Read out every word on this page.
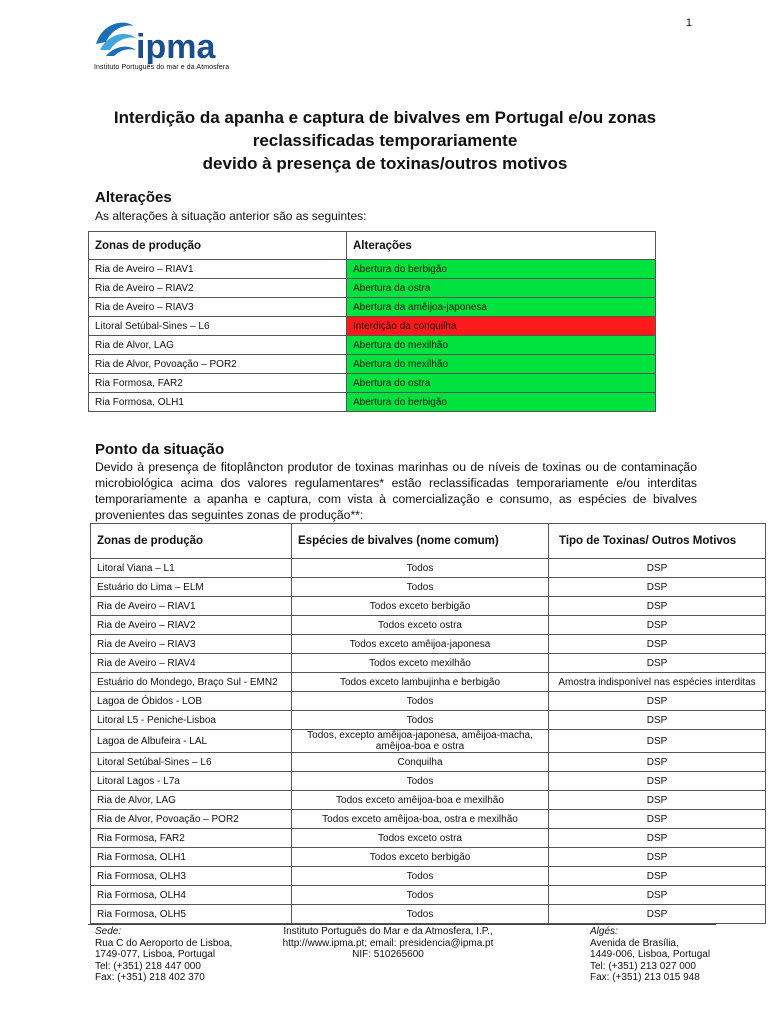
1
ipma
Instituto Português do mar e da Atmosfera
Interdição da apanha e captura de bivalves em Portugal e/ou zonas
reclassificadas temporariamente
devido à presença de toxinas/outros motivos
Alterações
As alterações à situação anterior são as seguintes:
Zonas de produção	Alterações
Ria de Aveiro – RIAV1	Abertura do berbigão
Ria de Aveiro – RIAV2	Abertura da ostra
Ria de Aveiro – RIAV3	Abertura da amêijoa-japonesa
Litoral Setúbal-Sines – L6	Interdição da conquilha
Ria de Alvor, LAG	Abertura do mexilhão
Ria de Alvor, Povoação – POR2	Abertura do mexilhão
Ria Formosa, FAR2	Abertura do ostra
Ria Formosa, OLH1	Abertura do berbigão
Ponto da situação
Devido à presença de fitoplâncton produtor de toxinas marinhas ou de níveis de toxinas ou de contaminação microbiológica acima dos valores regulamentares* estão reclassificadas temporariamente e/ou interditas temporariamente a apanha e captura, com vista à comercialização e consumo, as espécies de bivalves provenientes das seguintes zonas de produção**:
Zonas de produção	Espécies de bivalves (nome comum)	Tipo de Toxinas/ Outros Motivos
Litoral Viana – L1	Todos	DSP
Estuário do Lima – ELM	Todos	DSP
Ria de Aveiro – RIAV1	Todos exceto berbigão	DSP
Ria de Aveiro – RIAV2	Todos exceto ostra	DSP
Ria de Aveiro – RIAV3	Todos exceto amêijoa-japonesa	DSP
Ria de Aveiro – RIAV4	Todos exceto mexilhão	DSP
Estuário do Mondego, Braço Sul - EMN2	Todos exceto lambujinha e berbigão	Amostra indisponível nas espécies interditas
Lagoa de Óbidos - LOB	Todos	DSP
Litoral L5 - Peniche-Lisboa	Todos	DSP
Lagoa de Albufeira - LAL	Todos, excepto amêijoa-japonesa, amêijoa-macha, amêijoa-boa e ostra	DSP
Litoral Setúbal-Sines – L6	Conquilha	DSP
Litoral Lagos - L7a	Todos	DSP
Ria de Alvor, LAG	Todos exceto amêijoa-boa e mexilhão	DSP
Ria de Alvor, Povoação – POR2	Todos exceto amêijoa-boa, ostra e mexilhão	DSP
Ria Formosa, FAR2	Todos exceto ostra	DSP
Ria Formosa, OLH1	Todos exceto berbigão	DSP
Ria Formosa, OLH3	Todos	DSP
Ria Formosa, OLH4	Todos	DSP
Ria Formosa, OLH5	Todos	DSP
Sede:
Rua C do Aeroporto de Lisboa,
1749-077, Lisboa, Portugal
Tel: (+351) 218 447 000
Fax: (+351) 218 402 370
Instituto Português do Mar e da Atmosfera, I.P.,
http://www.ipma.pt; email: presidencia@ipma.pt
NIF: 510265600
Algés:
Avenida de Brasília,
1449-006, Lisboa, Portugal
Tel: (+351) 213 027 000
Fax: (+351) 213 015 948
